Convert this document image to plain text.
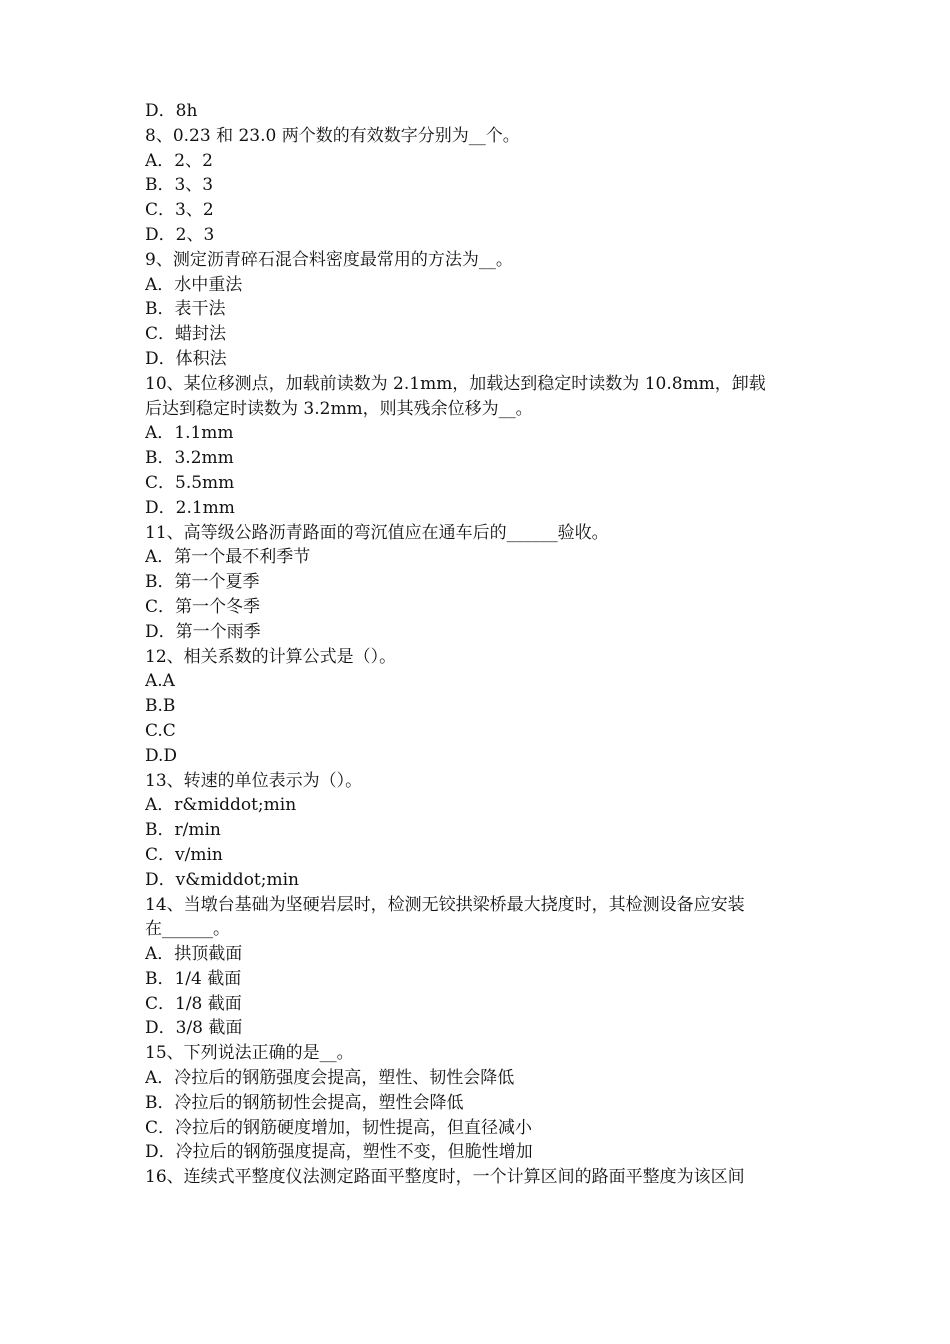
D．8h
8、0.23 和 23.0 两个数的有效数字分别为__个。
A．2、2
B．3、3
C．3、2
D．2、3
9、测定沥青碎石混合料密度最常用的方法为__。
A．水中重法
B．表干法
C．蜡封法
D．体积法
10、某位移测点，加载前读数为 2.1mm，加载达到稳定时读数为 10.8mm，卸载
后达到稳定时读数为 3.2mm，则其残余位移为__。
A．1.1mm
B．3.2mm
C．5.5mm
D．2.1mm
11、高等级公路沥青路面的弯沉值应在通车后的______验收。
A．第一个最不利季节
B．第一个夏季
C．第一个冬季
D．第一个雨季
12、相关系数的计算公式是（）。
A.A
B.B
C.C
D.D
13、转速的单位表示为（）。
A．r&middot;min
B．r/min
C．v/min
D．v&middot;min
14、当墩台基础为坚硬岩层时，检测无铰拱梁桥最大挠度时，其检测设备应安装
在______。
A．拱顶截面
B．1/4 截面
C．1/8 截面
D．3/8 截面
15、下列说法正确的是__。
A．冷拉后的钢筋强度会提高，塑性、韧性会降低
B．冷拉后的钢筋韧性会提高，塑性会降低
C．冷拉后的钢筋硬度增加，韧性提高，但直径减小
D．冷拉后的钢筋强度提高，塑性不变，但脆性增加
16、连续式平整度仪法测定路面平整度时，一个计算区间的路面平整度为该区间
